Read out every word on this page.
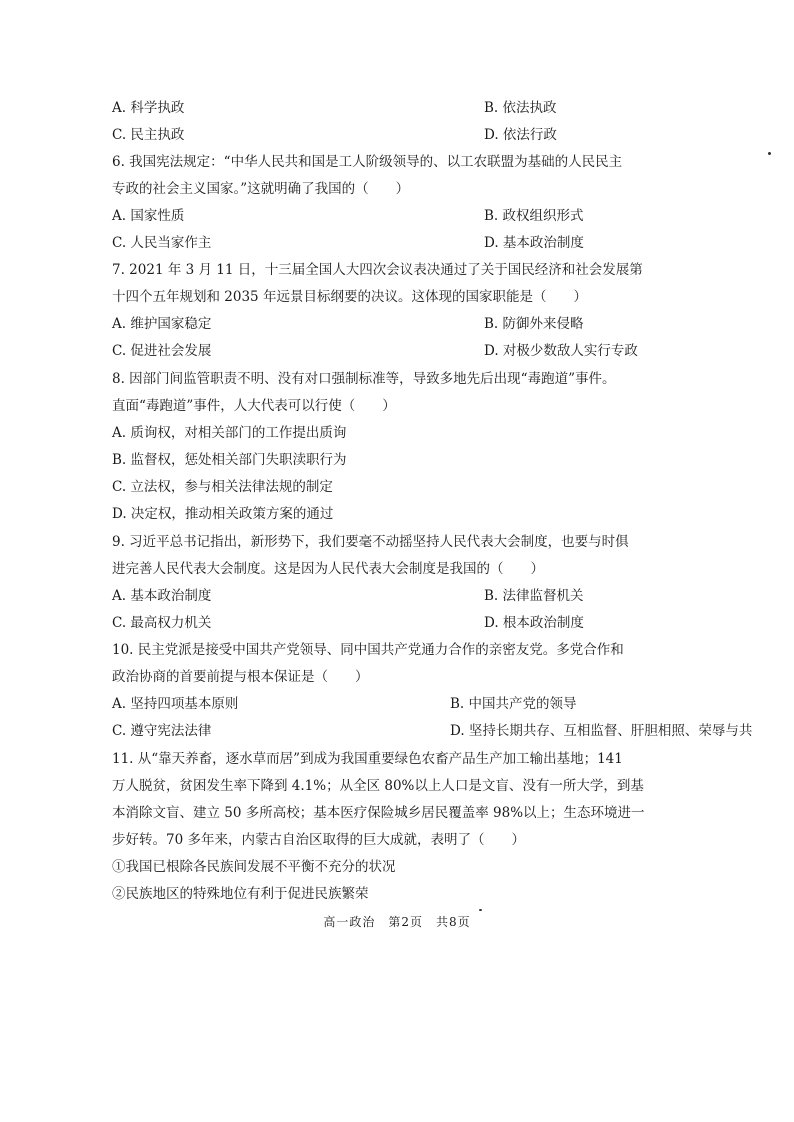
A. 科学执政	B. 依法执政
C. 民主执政	D. 依法行政
6. 我国宪法规定：“中华人民共和国是工人阶级领导的、以工农联盟为基础的人民民主
专政的社会主义国家。”这就明确了我国的（　　）
A. 国家性质	B. 政权组织形式
C. 人民当家作主	D. 基本政治制度
7. 2021 年 3 月 11 日，十三届全国人大四次会议表决通过了关于国民经济和社会发展第
十四个五年规划和 2035 年远景目标纲要的决议。这体现的国家职能是（　　）
A. 维护国家稳定	B. 防御外来侵略
C. 促进社会发展	D. 对极少数敌人实行专政
8. 因部门间监管职责不明、没有对口强制标准等，导致多地先后出现“毒跑道”事件。
直面“毒跑道”事件，人大代表可以行使（　　）
A. 质询权，对相关部门的工作提出质询
B. 监督权，惩处相关部门失职渎职行为
C. 立法权，参与相关法律法规的制定
D. 决定权，推动相关政策方案的通过
9. 习近平总书记指出，新形势下，我们要毫不动摇坚持人民代表大会制度，也要与时俱
进完善人民代表大会制度。这是因为人民代表大会制度是我国的（　　）
A. 基本政治制度	B. 法律监督机关
C. 最高权力机关	D. 根本政治制度
10. 民主党派是接受中国共产党领导、同中国共产党通力合作的亲密友党。多党合作和
政治协商的首要前提与根本保证是（　　）
A. 坚持四项基本原则	B. 中国共产党的领导
C. 遵守宪法法律	D. 坚持长期共存、互相监督、肝胆相照、荣辱与共
11. 从“靠天养畜，逐水草而居”到成为我国重要绿色农畜产品生产加工输出基地；141
万人脱贫，贫困发生率下降到 4.1%；从全区 80%以上人口是文盲、没有一所大学，到基
本消除文盲、建立 50 多所高校；基本医疗保险城乡居民覆盖率 98%以上；生态环境进一
步好转。70 多年来，内蒙古自治区取得的巨大成就，表明了（　　）
①我国已根除各民族间发展不平衡不充分的状况
②民族地区的特殊地位有利于促进民族繁荣
高一政治　第2页　共8页
